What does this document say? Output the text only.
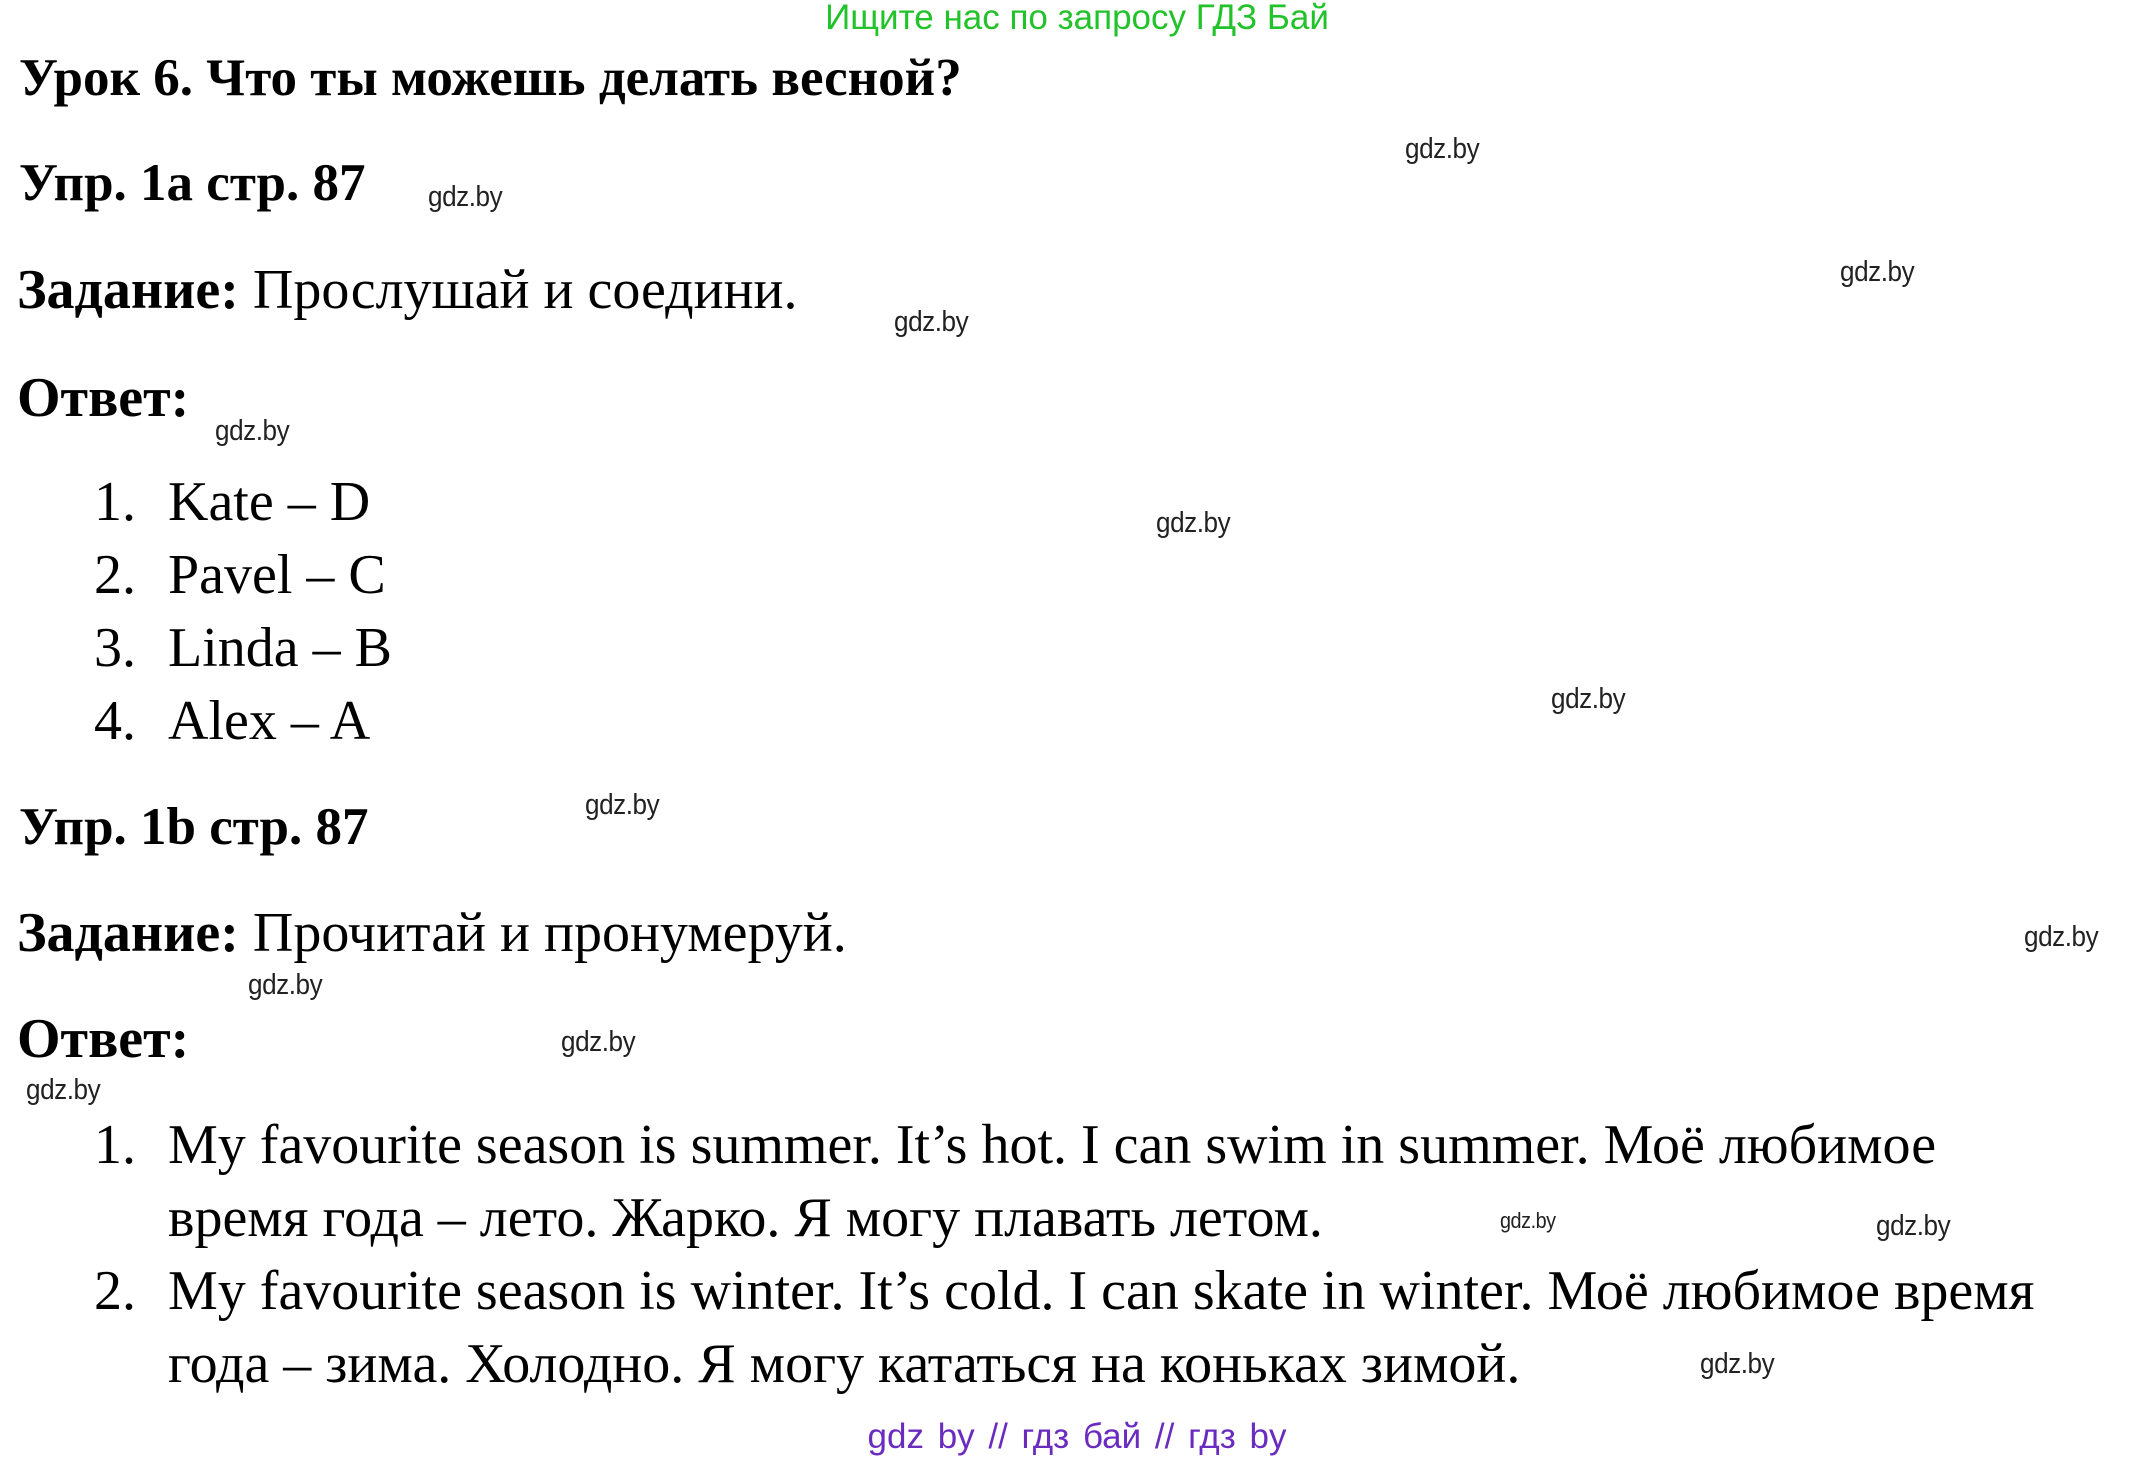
Ищите нас по запросу ГДЗ Бай
Урок 6. Что ты можешь делать весной?
Упр. 1а стр. 87
Задание: Прослушай и соедини.
Ответ:
1. Kate – D
2. Pavel – C
3. Linda – B
4. Alex – A
Упр. 1b стр. 87
Задание: Прочитай и пронумеруй.
Ответ:
1. My favourite season is summer. It’s hot. I can swim in summer. Моё любимое
время года – лето. Жарко. Я могу плавать летом.
2. My favourite season is winter. It’s cold. I can skate in winter. Моё любимое время
года – зима. Холодно. Я могу кататься на коньках зимой.
gdz.by
gdz.by
gdz.by
gdz.by
gdz.by
gdz.by
gdz.by
gdz.by
gdz.by
gdz.by
gdz.by
gdz.by
gdz.by	gdz.by
gdz.by
gdz by // гдз бай // гдз by
